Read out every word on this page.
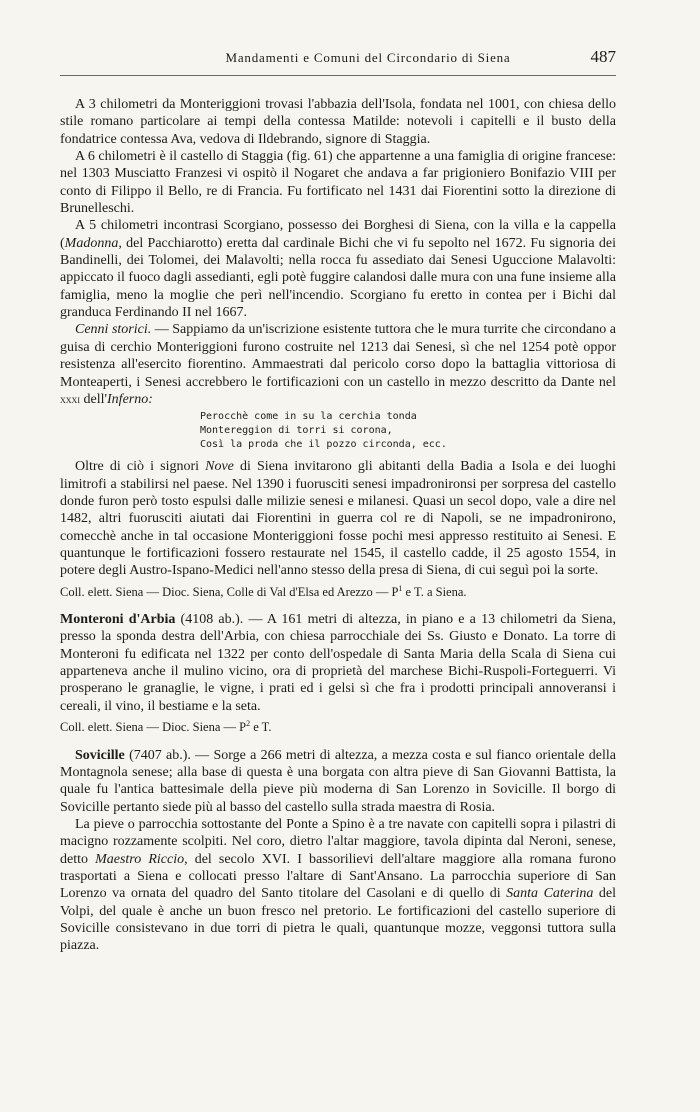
Mandamenti e Comuni del Circondario di Siena	487

A 3 chilometri da Monteriggioni trovasi l'abbazia dell'Isola, fondata nel 1001, con chiesa dello stile romano particolare ai tempi della contessa Matilde: notevoli i capitelli e il busto della fondatrice contessa Ava, vedova di Ildebrando, signore di Staggia.

A 6 chilometri è il castello di Staggia (fig. 61) che appartenne a una famiglia di origine francese: nel 1303 Musciatto Franzesi vi ospitò il Nogaret che andava a far prigioniero Bonifazio VIII per conto di Filippo il Bello, re di Francia. Fu fortificato nel 1431 dai Fiorentini sotto la direzione di Brunelleschi.

A 5 chilometri incontrasi Scorgiano, possesso dei Borghesi di Siena, con la villa e la cappella (Madonna, del Pacchiarotto) eretta dal cardinale Bichi che vi fu sepolto nel 1672. Fu signoria dei Bandinelli, dei Tolomei, dei Malavolti; nella rocca fu assediato dai Senesi Uguccione Malavolti: appiccato il fuoco dagli assedianti, egli potè fuggire calandosi dalle mura con una fune insieme alla famiglia, meno la moglie che perì nell'incendio. Scorgiano fu eretto in contea per i Bichi dal granduca Ferdinando II nel 1667.

Cenni storici. — Sappiamo da un'iscrizione esistente tuttora che le mura turrite che circondano a guisa di cerchio Monteriggioni furono costruite nel 1213 dai Senesi, sì che nel 1254 potè oppor resistenza all'esercito fiorentino. Ammaestrati dal pericolo corso dopo la battaglia vittoriosa di Monteaperti, i Senesi accrebbero le fortificazioni con un castello in mezzo descritto da Dante nel xxxi dell'Inferno:

Perocchè come in su la cerchia tonda
Montereggion di torri si corona,
Così la proda che il pozzo circonda, ecc.

Oltre di ciò i signori Nove di Siena invitarono gli abitanti della Badia a Isola e dei luoghi limitrofi a stabilirsi nel paese. Nel 1390 i fuorusciti senesi impadronironsi per sorpresa del castello donde furon però tosto espulsi dalle milizie senesi e milanesi. Quasi un secol dopo, vale a dire nel 1482, altri fuorusciti aiutati dai Fiorentini in guerra col re di Napoli, se ne impadronirono, comecchè anche in tal occasione Monteriggioni fosse pochi mesi appresso restituito ai Senesi. E quantunque le fortificazioni fossero restaurate nel 1545, il castello cadde, il 25 agosto 1554, in potere degli Austro-Ispano-Medici nell'anno stesso della presa di Siena, di cui seguì poi la sorte.

Coll. elett. Siena — Dioc. Siena, Colle di Val d'Elsa ed Arezzo — $P^1$ e T. a Siena.

Monteroni d'Arbia (4108 ab.). — A 161 metri di altezza, in piano e a 13 chilometri da Siena, presso la sponda destra dell'Arbia, con chiesa parrocchiale dei Ss. Giusto e Donato. La torre di Monteroni fu edificata nel 1322 per conto dell'ospedale di Santa Maria della Scala di Siena cui apparteneva anche il mulino vicino, ora di proprietà del marchese Bichi-Ruspoli-Forteguerri. Vi prosperano le granaglie, le vigne, i prati ed i gelsi sì che fra i prodotti principali annoveransi i cereali, il vino, il bestiame e la seta.

Coll. elett. Siena — Dioc. Siena — $P^2$ e T.

Sovicille (7407 ab.). — Sorge a 266 metri di altezza, a mezza costa e sul fianco orientale della Montagnola senese; alla base di questa è una borgata con altra pieve di San Giovanni Battista, la quale fu l'antica battesimale della pieve più moderna di San Lorenzo in Sovicille. Il borgo di Sovicille pertanto siede più al basso del castello sulla strada maestra di Rosia.

La pieve o parrocchia sottostante del Ponte a Spino è a tre navate con capitelli sopra i pilastri di macigno rozzamente scolpiti. Nel coro, dietro l'altar maggiore, tavola dipinta dal Neroni, senese, detto Maestro Riccio, del secolo XVI. I bassorilievi dell'altare maggiore alla romana furono trasportati a Siena e collocati presso l'altare di Sant'Ansano. La parrocchia superiore di San Lorenzo va ornata del quadro del Santo titolare del Casolani e di quello di Santa Caterina del Volpi, del quale è anche un buon fresco nel pretorio. Le fortificazioni del castello superiore di Sovicille consistevano in due torri di pietra le quali, quantunque mozze, veggonsi tuttora sulla piazza.
